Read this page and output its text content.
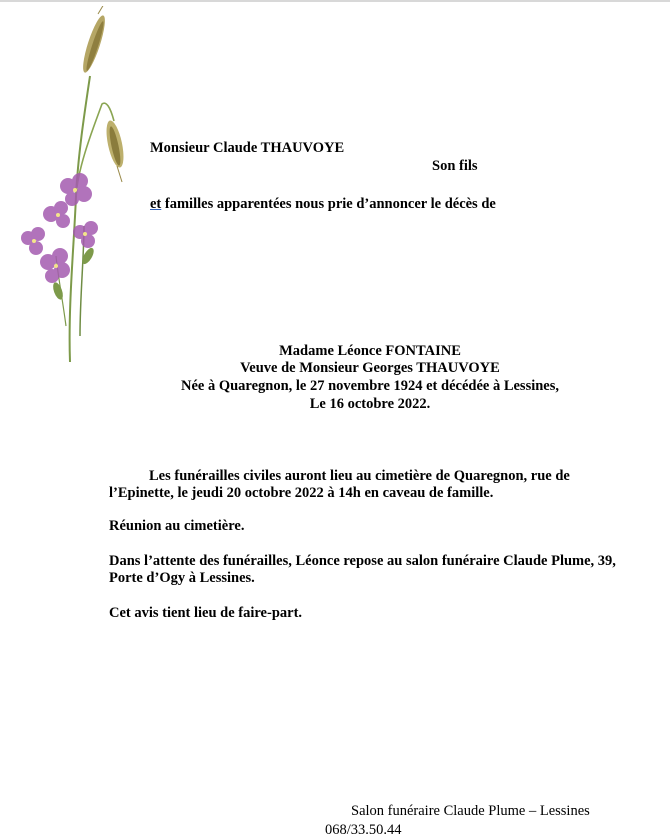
Monsieur Claude THAUVOYE
Son fils
et familles apparentées nous prie d’annoncer le décès de
Madame Léonce FONTAINE
Veuve de Monsieur Georges THAUVOYE
Née à Quaregnon, le 27 novembre 1924 et décédée à Lessines,
Le 16 octobre 2022.
Les funérailles civiles auront lieu au cimetière de Quaregnon, rue de l’Epinette, le jeudi 20 octobre 2022 à 14h en caveau de famille.
Réunion au cimetière.
Dans l’attente des funérailles, Léonce repose au salon funéraire Claude Plume, 39, Porte d’Ogy à Lessines.
Cet avis tient lieu de faire-part.
Salon funéraire Claude Plume – Lessines
068/33.50.44
